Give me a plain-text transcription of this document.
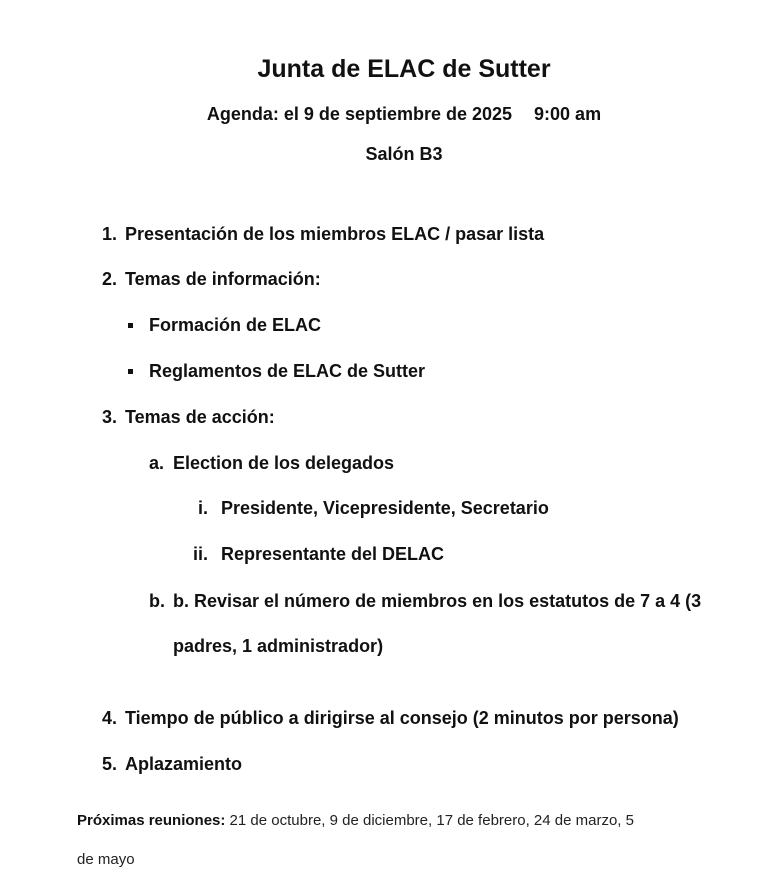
Junta de ELAC de Sutter
Agenda: el 9 de septiembre de 2025 9:00 am
Salón B3
1. Presentación de los miembros ELAC / pasar lista
2. Temas de información:
Formación de ELAC
Reglamentos de ELAC de Sutter
3. Temas de acción:
a. Election de los delegados
i. Presidente, Vicepresidente, Secretario
ii. Representante del DELAC
b. b. Revisar el número de miembros en los estatutos de 7 a 4 (3
padres, 1 administrador)
4. Tiempo de público a dirigirse al consejo (2 minutos por persona)
5. Aplazamiento
Próximas reuniones: 21 de octubre, 9 de diciembre, 17 de febrero, 24 de marzo, 5
de mayo
